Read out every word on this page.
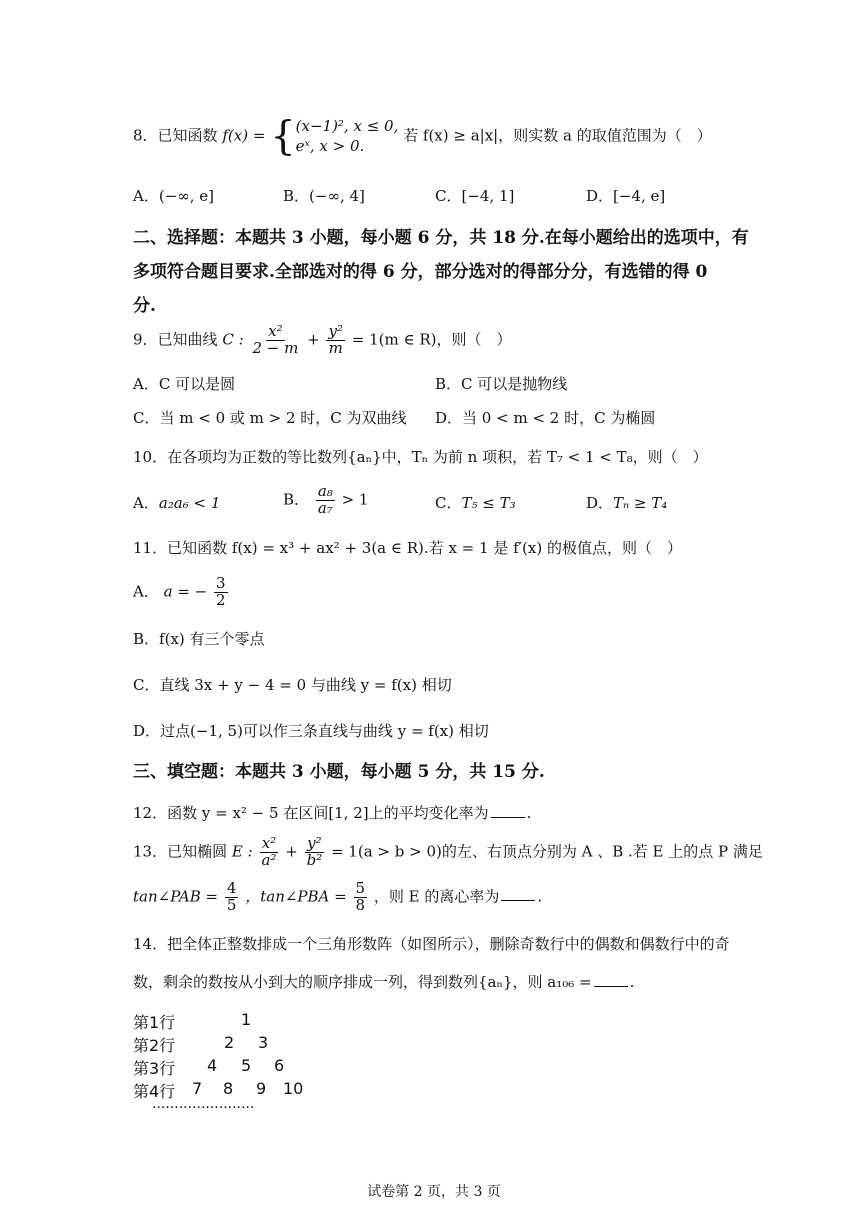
8．已知函数 f(x) = { (x−1)², x ≤ 0,
eˣ, x > 0.
若 f(x) ≥ a|x|，则实数 a 的取值范围为（　）
A．(−∞, e]	B．(−∞, 4]	C．[−4, 1]	D．[−4, e]
二、选择题：本题共 3 小题，每小题 6 分，共 18 分.在每小题给出的选项中，有
多项符合题目要求.全部选对的得 6 分，部分选对的得部分分，有选错的得 0
分.
9．已知曲线 C : $\frac{\text{x²}}{2 - m} + \frac{\text{y²}}{m} = 1(m$ ∈ R)，则（　）
A．C 可以是圆	B．C 可以是抛物线
C．当 m < 0 或 m > 2 时，C 为双曲线 D．当 0 < m < 2 时，C 为椭圆
10．在各项均为正数的等比数列{aₙ}中，Tₙ 为前 n 项积，若 T₇ < 1 < T₈，则（　）
A．a₂a₆ < 1	B． $\frac{\text{a₈}}{\text{a₇}} > 1$	C．T₅ ≤ T₃	D．Tₙ ≥ T₄
11．已知函数 f(x) = x³ + ax² + 3(a ∈ R).若 x = 1 是 f′(x) 的极值点，则（　）
A． a = − $\frac{3}{2}$
B．f(x) 有三个零点
C．直线 3x + y − 4 = 0 与曲线 y = f(x) 相切
D．过点(−1, 5)可以作三条直线与曲线 y = f(x) 相切
三、填空题：本题共 3 小题，每小题 5 分，共 15 分.
12．函数 y = x² − 5 在区间[1, 2]上的平均变化率为	.
13．已知椭圆 E : $\frac{\text{x²}}{\text{a²}} + \frac{\text{y²}}{\text{b²}} = 1(a > b > 0)$的左、右顶点分别为 A 、B .若 E 上的点 P 满足
tan∠PAB = $\frac{4}{5}$ ，tan∠PBA = $\frac{5}{8}$ ，则 E 的离心率为	.
14．把全体正整数排成一个三角形数阵（如图所示），删除奇数行中的偶数和偶数行中的奇
数，剩余的数按从小到大的顺序排成一列，得到数列{aₙ}，则 a₁₀₆ =	.
第1行	1
第2行	2 3
第3行 4 5 6
第4行 7 8 9 10
·······················
试卷第 2 页，共 3 页
